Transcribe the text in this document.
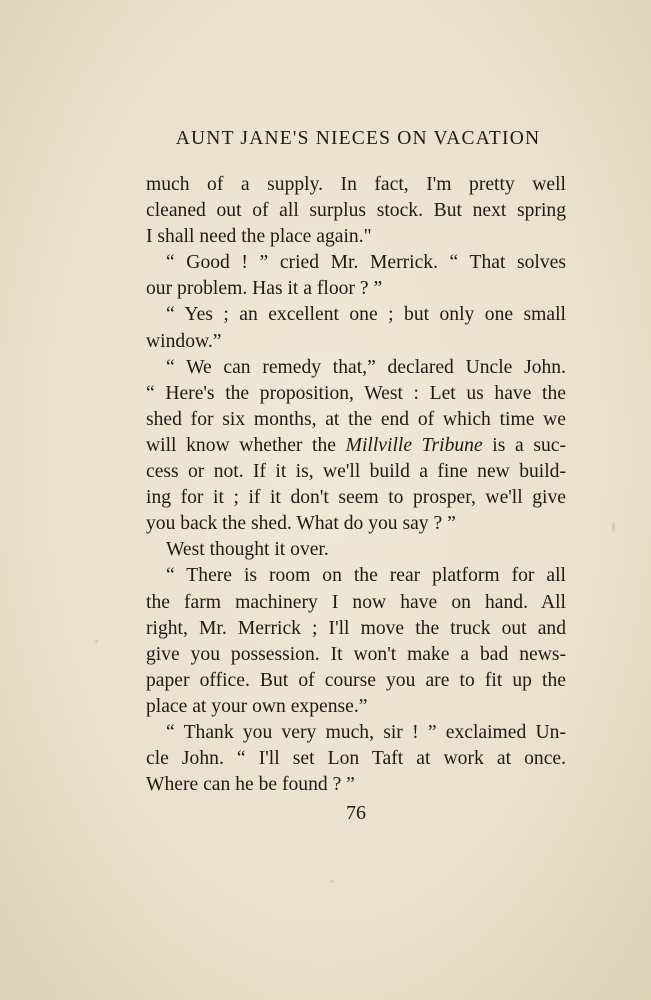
AUNT JANE'S NIECES ON VACATION
much of a supply. In fact, I'm pretty well
cleaned out of all surplus stock. But next spring
I shall need the place again."
“ Good ! ” cried Mr. Merrick. “ That solves
our problem. Has it a floor ? ”
“ Yes ; an excellent one ; but only one small
window.”
“ We can remedy that,” declared Uncle John.
“ Here's the proposition, West : Let us have the
shed for six months, at the end of which time we
will know whether the Millville Tribune is a suc-
cess or not. If it is, we'll build a fine new build-
ing for it ; if it don't seem to prosper, we'll give
you back the shed. What do you say ? ”
West thought it over.
“ There is room on the rear platform for all
the farm machinery I now have on hand. All
right, Mr. Merrick ; I'll move the truck out and
give you possession. It won't make a bad news-
paper office. But of course you are to fit up the
place at your own expense.”
“ Thank you very much, sir ! ” exclaimed Un-
cle John. “ I'll set Lon Taft at work at once.
Where can he be found ? ”
76
